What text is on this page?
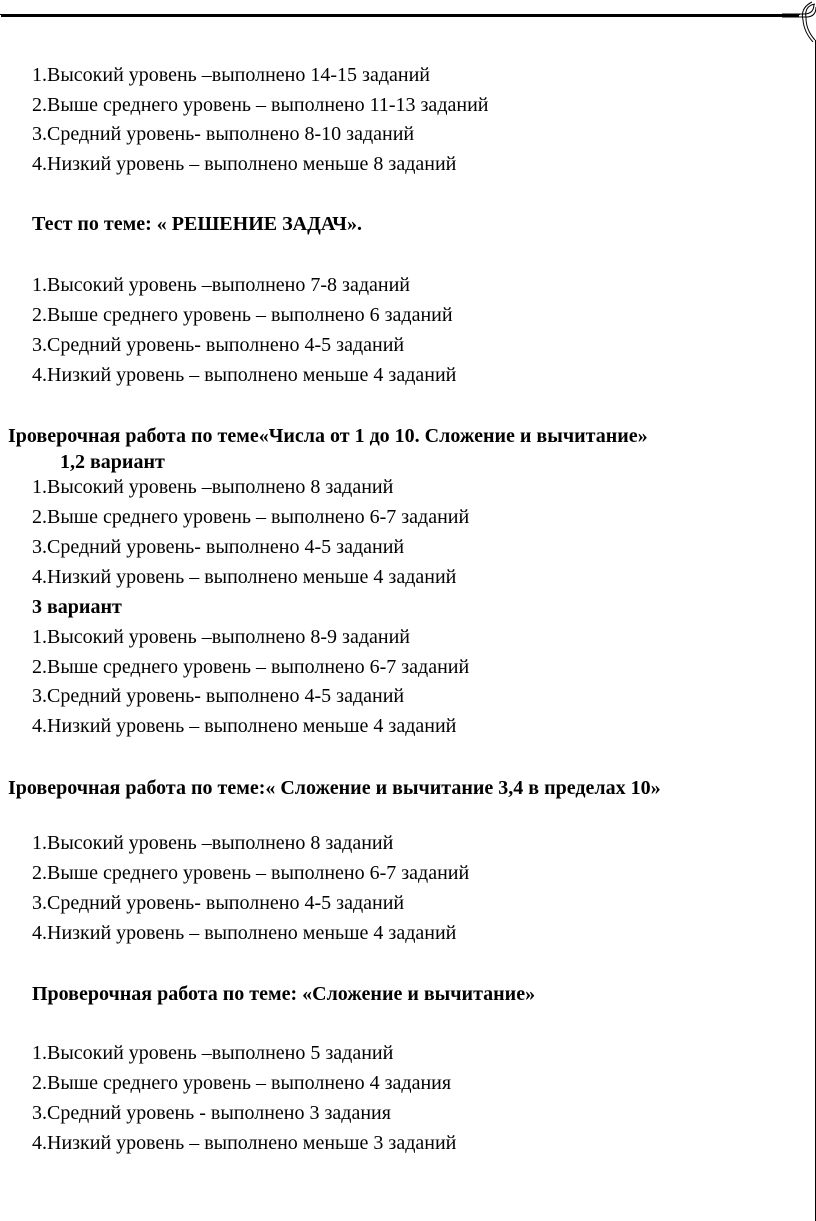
1.Высокий уровень –выполнено 14-15 заданий
2.Выше среднего уровень – выполнено 11-13 заданий
3.Средний уровень- выполнено 8-10 заданий
4.Низкий уровень – выполнено меньше 8 заданий
Тест по теме: « РЕШЕНИЕ ЗАДАЧ».
1.Высокий уровень –выполнено 7-8 заданий
2.Выше среднего уровень – выполнено 6 заданий
3.Средний уровень- выполнено 4-5 заданий
4.Низкий уровень – выполнено меньше 4 заданий
Iроверочная работа по теме«Числа от 1 до 10. Сложение и вычитание»
1,2 вариант
1.Высокий уровень –выполнено 8 заданий
2.Выше среднего уровень – выполнено 6-7 заданий
3.Средний уровень- выполнено 4-5 заданий
4.Низкий уровень – выполнено меньше 4 заданий
3 вариант
1.Высокий уровень –выполнено 8-9 заданий
2.Выше среднего уровень – выполнено 6-7 заданий
3.Средний уровень- выполнено 4-5 заданий
4.Низкий уровень – выполнено меньше 4 заданий
Iроверочная работа по теме:« Сложение и вычитание 3,4 в пределах 10»
1.Высокий уровень –выполнено 8 заданий
2.Выше среднего уровень – выполнено 6-7 заданий
3.Средний уровень- выполнено 4-5 заданий
4.Низкий уровень – выполнено меньше 4 заданий
Проверочная работа по теме: «Сложение и вычитание»
1.Высокий уровень –выполнено 5 заданий
2.Выше среднего уровень – выполнено 4 задания
3.Средний уровень - выполнено 3 задания
4.Низкий уровень – выполнено меньше 3 заданий
